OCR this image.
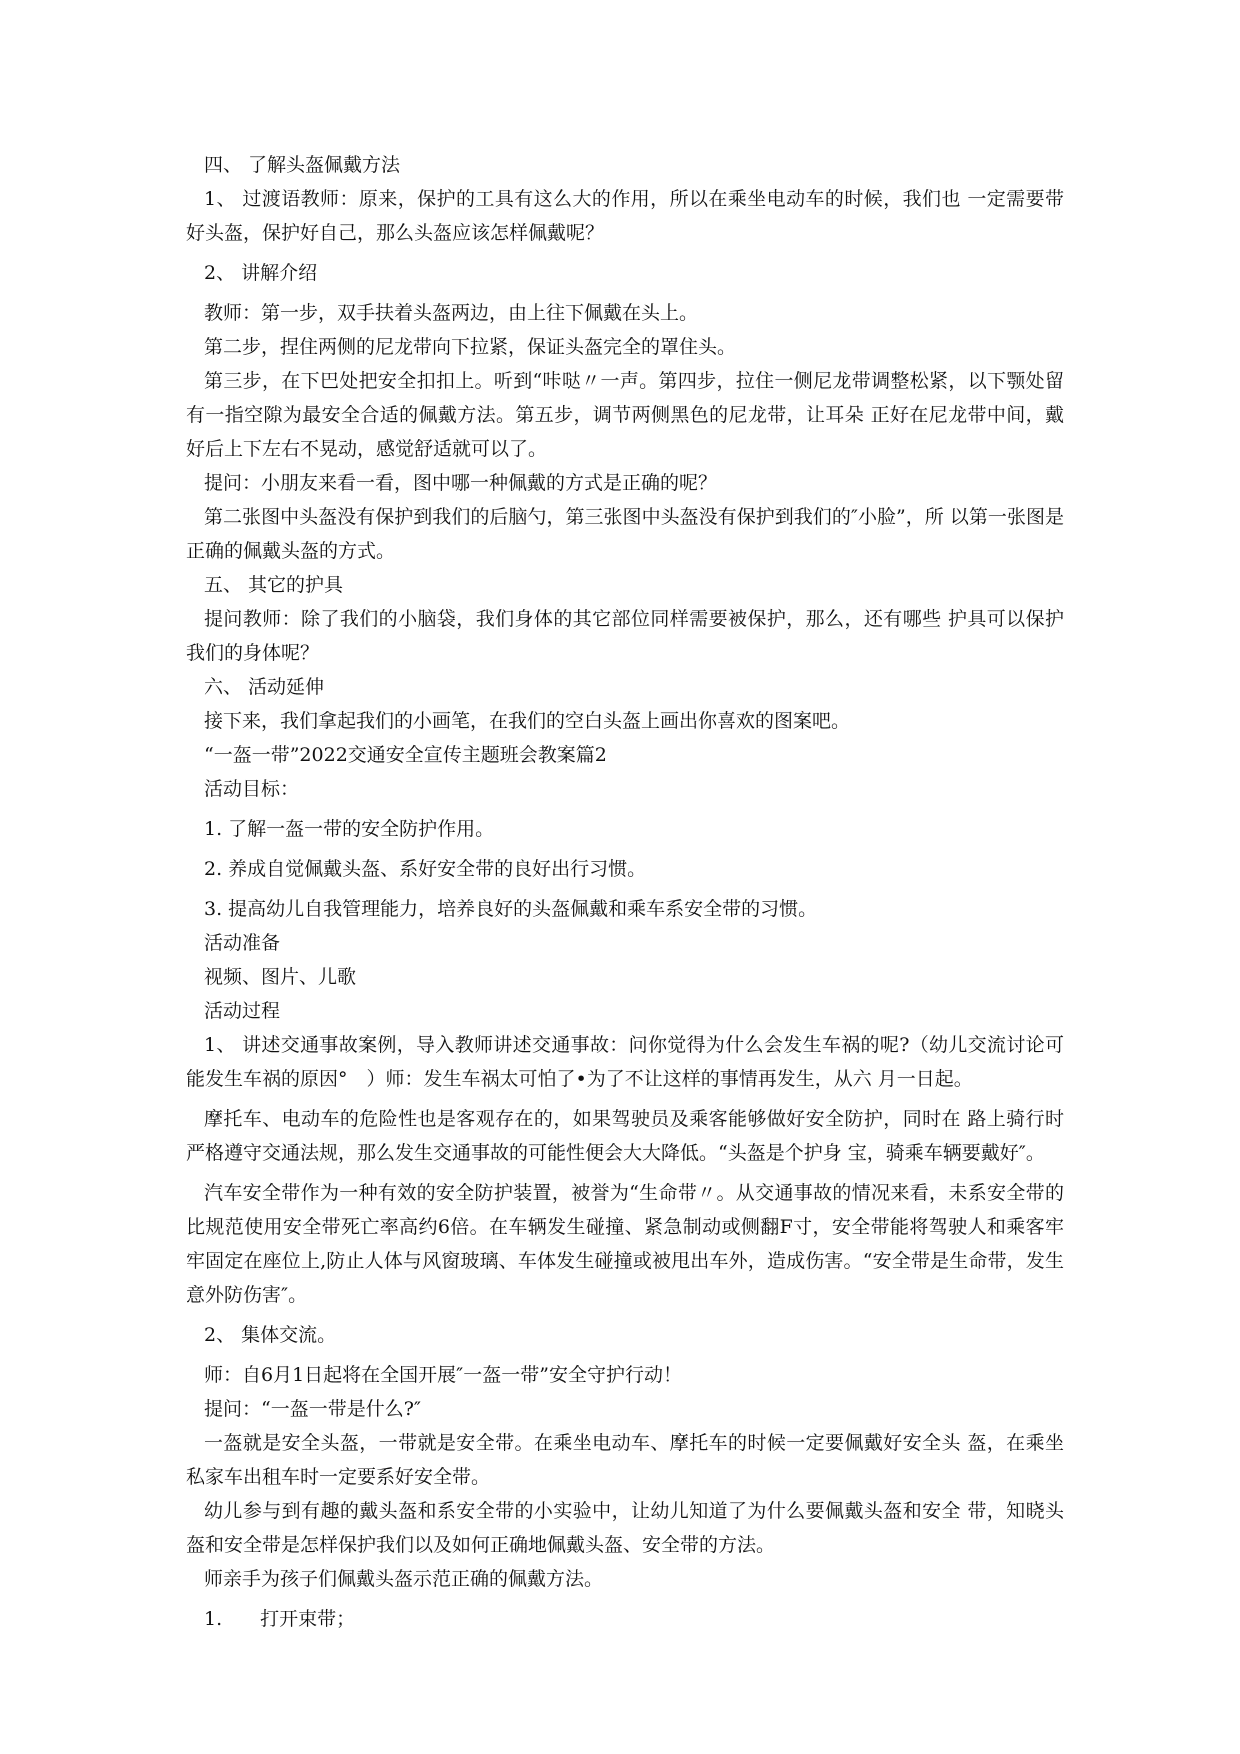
四、 了解头盔佩戴方法

1、 过渡语教师：原来，保护的工具有这么大的作用，所以在乘坐电动车的时候，我们也 一定需要带好头盔，保护好自己，那么头盔应该怎样佩戴呢？

2、 讲解介绍

教师：第一步，双手扶着头盔两边，由上往下佩戴在头上。

第二步，捏住两侧的尼龙带向下拉紧，保证头盔完全的罩住头。

第三步，在下巴处把安全扣扣上。听到“咔哒〃一声。第四步，拉住一侧尼龙带调整松紧，以下颚处留有一指空隙为最安全合适的佩戴方法。第五步，调节两侧黑色的尼龙带，让耳朵 正好在尼龙带中间，戴好后上下左右不晃动，感觉舒适就可以了。

提问：小朋友来看一看，图中哪一种佩戴的方式是正确的呢？

第二张图中头盔没有保护到我们的后脑勺，第三张图中头盔没有保护到我们的″小脸”，所 以第一张图是正确的佩戴头盔的方式。

五、 其它的护具

提问教师：除了我们的小脑袋，我们身体的其它部位同样需要被保护，那么，还有哪些 护具可以保护我们的身体呢？

六、 活动延伸

接下来，我们拿起我们的小画笔，在我们的空白头盔上画出你喜欢的图案吧。

“一盔一带”2022交通安全宣传主题班会教案篇2

活动目标：

1. 了解一盔一带的安全防护作用。

2. 养成自觉佩戴头盔、系好安全带的良好出行习惯。

3. 提高幼儿自我管理能力，培养良好的头盔佩戴和乘车系安全带的习惯。

活动准备

视频、图片、儿歌

活动过程

1、 讲述交通事故案例，导入教师讲述交通事故：问你觉得为什么会发生车祸的呢?（幼儿交流讨论可能发生车祸的原因°　）师：发生车祸太可怕了•为了不让这样的事情再发生，从六 月一日起。

摩托车、电动车的危险性也是客观存在的，如果驾驶员及乘客能够做好安全防护，同时在 路上骑行时严格遵守交通法规，那么发生交通事故的可能性便会大大降低。“头盔是个护身 宝，骑乘车辆要戴好″。

汽车安全带作为一种有效的安全防护装置，被誉为“生命带〃。从交通事故的情况来看，未系安全带的比规范使用安全带死亡率高约6倍。在车辆发生碰撞、紧急制动或侧翻F寸，安全带能将驾驶人和乘客牢牢固定在座位上,防止人体与风窗玻璃、车体发生碰撞或被甩出车外，造成伤害。“安全带是生命带，发生意外防伤害″。

2、 集体交流。

师：自6月1日起将在全国开展″一盔一带”安全守护行动！

提问：“一盔一带是什么?″

一盔就是安全头盔，一带就是安全带。在乘坐电动车、摩托车的时候一定要佩戴好安全头 盔，在乘坐私家车出租车时一定要系好安全带。

幼儿参与到有趣的戴头盔和系安全带的小实验中，让幼儿知道了为什么要佩戴头盔和安全 带，知晓头盔和安全带是怎样保护我们以及如何正确地佩戴头盔、安全带的方法。

师亲手为孩子们佩戴头盔示范正确的佩戴方法。

1.　　打开束带；
